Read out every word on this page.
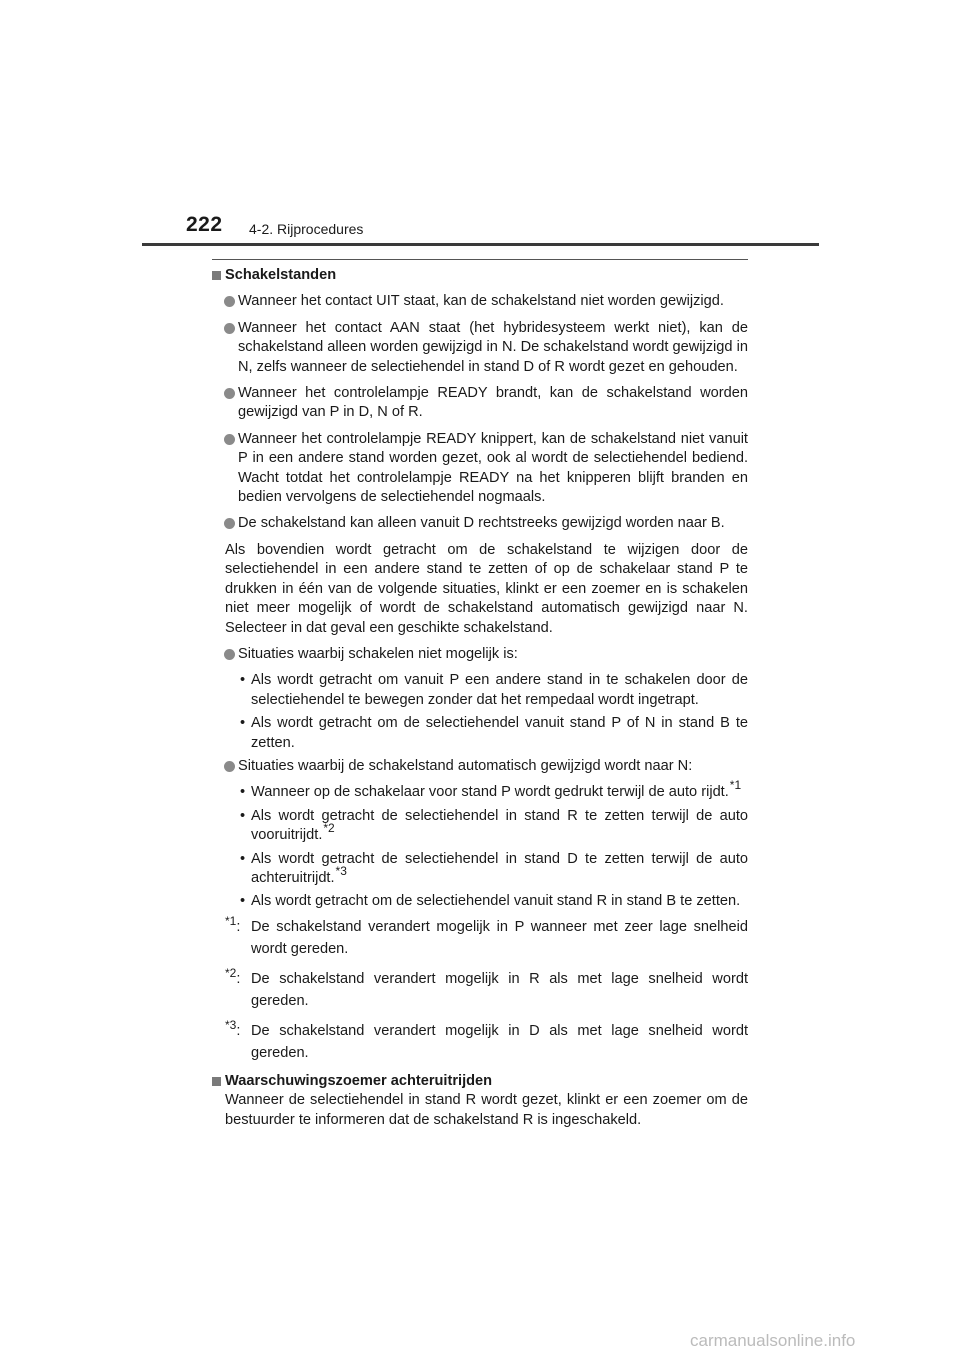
222 4-2. Rijprocedures
Schakelstanden
Wanneer het contact UIT staat, kan de schakelstand niet worden gewijzigd.
Wanneer het contact AAN staat (het hybridesysteem werkt niet), kan de schakelstand alleen worden gewijzigd in N. De schakelstand wordt gewijzigd in N, zelfs wanneer de selectiehendel in stand D of R wordt gezet en gehouden.
Wanneer het controlelampje READY brandt, kan de schakelstand worden gewijzigd van P in D, N of R.
Wanneer het controlelampje READY knippert, kan de schakelstand niet vanuit P in een andere stand worden gezet, ook al wordt de selectiehendel bediend. Wacht totdat het controlelampje READY na het knipperen blijft branden en bedien vervolgens de selectiehendel nogmaals.
De schakelstand kan alleen vanuit D rechtstreeks gewijzigd worden naar B.
Als bovendien wordt getracht om de schakelstand te wijzigen door de selectiehendel in een andere stand te zetten of op de schakelaar stand P te drukken in één van de volgende situaties, klinkt er een zoemer en is schakelen niet meer mogelijk of wordt de schakelstand automatisch gewijzigd naar N. Selecteer in dat geval een geschikte schakelstand.
Situaties waarbij schakelen niet mogelijk is:
• Als wordt getracht om vanuit P een andere stand in te schakelen door de selectiehendel te bewegen zonder dat het rempedaal wordt ingetrapt.
• Als wordt getracht om de selectiehendel vanuit stand P of N in stand B te zetten.
Situaties waarbij de schakelstand automatisch gewijzigd wordt naar N:
• Wanneer op de schakelaar voor stand P wordt gedrukt terwijl de auto rijdt.$^{*1}$
• Als wordt getracht de selectiehendel in stand R te zetten terwijl de auto vooruitrijdt.$^{*2}$
• Als wordt getracht de selectiehendel in stand D te zetten terwijl de auto achteruitrijdt.$^{*3}$
• Als wordt getracht om de selectiehendel vanuit stand R in stand B te zetten.
$^{*1}$: De schakelstand verandert mogelijk in P wanneer met zeer lage snelheid wordt gereden.
$^{*2}$: De schakelstand verandert mogelijk in R als met lage snelheid wordt gereden.
$^{*3}$: De schakelstand verandert mogelijk in D als met lage snelheid wordt gereden.
Waarschuwingszoemer achteruitrijden
Wanneer de selectiehendel in stand R wordt gezet, klinkt er een zoemer om de bestuurder te informeren dat de schakelstand R is ingeschakeld.
carmanualsonline.info
